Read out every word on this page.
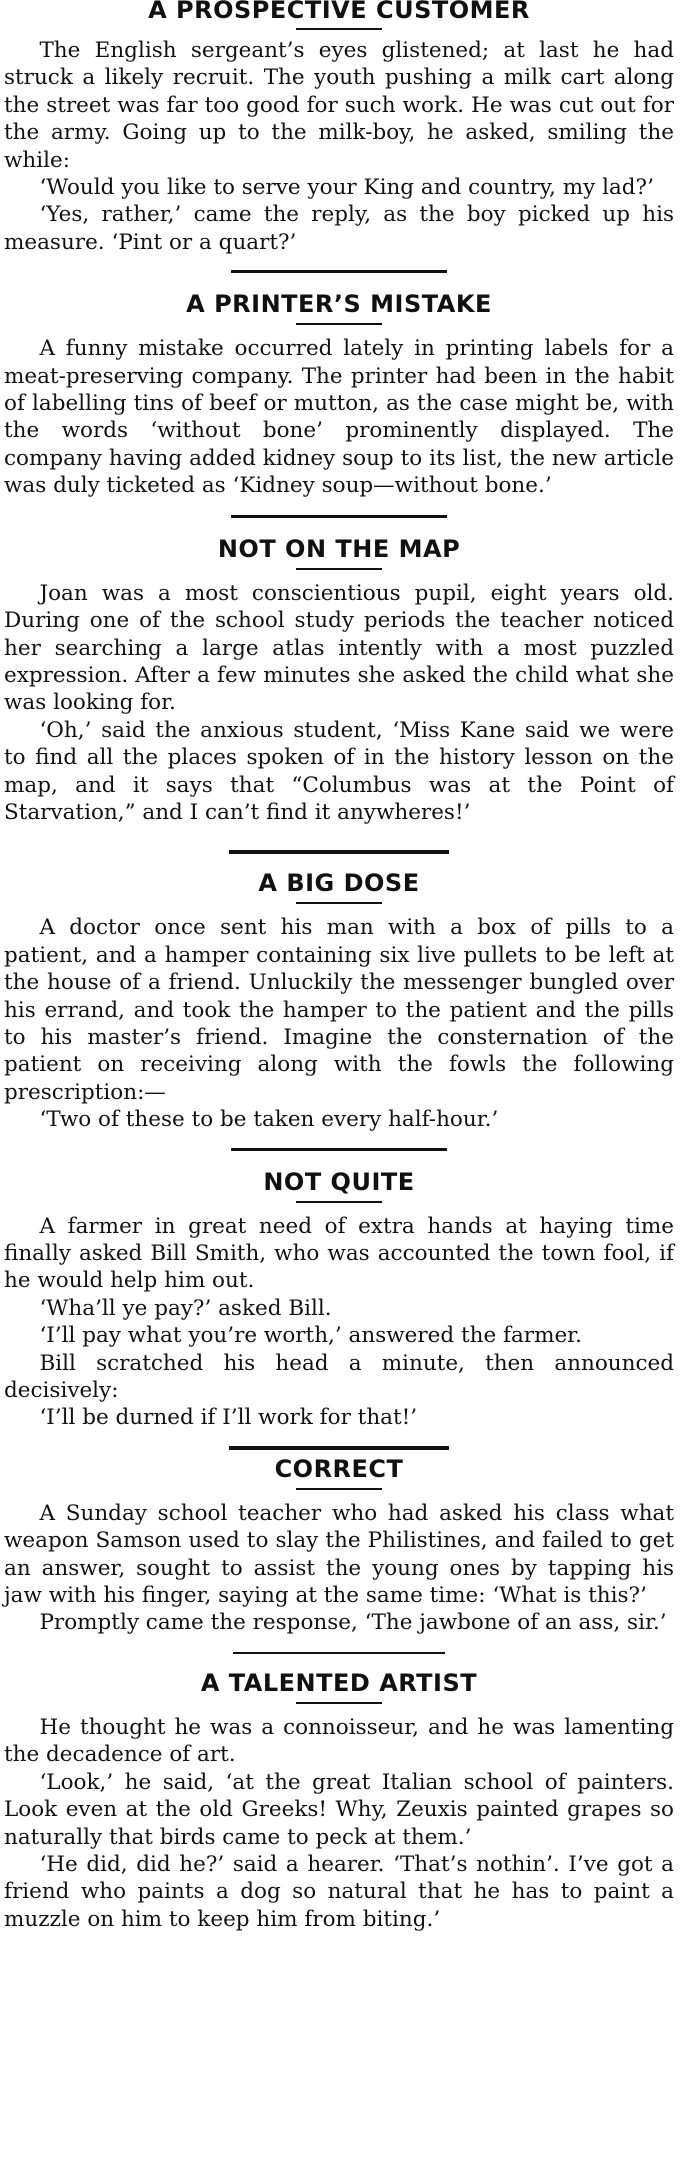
A PROSPECTIVE CUSTOMER

The English sergeant’s eyes glistened; at last he had struck a likely recruit. The youth pushing a milk cart along the street was far too good for such work. He was cut out for the army. Going up to the milk-boy, he asked, smiling the while:

‘Would you like to serve your King and country, my lad?’

‘Yes, rather,’ came the reply, as the boy picked up his measure. ‘Pint or a quart?’

A PRINTER’S MISTAKE

A funny mistake occurred lately in printing labels for a meat-preserving company. The printer had been in the habit of labelling tins of beef or mutton, as the case might be, with the words ‘without bone’ prominently displayed. The company having added kidney soup to its list, the new article was duly ticketed as ‘Kidney soup—without bone.’

NOT ON THE MAP

Joan was a most conscientious pupil, eight years old. During one of the school study periods the teacher noticed her searching a large atlas intently with a most puzzled expression. After a few minutes she asked the child what she was looking for.

‘Oh,’ said the anxious student, ‘Miss Kane said we were to find all the places spoken of in the history lesson on the map, and it says that “Columbus was at the Point of Starvation,” and I can’t find it anywheres!’

A BIG DOSE

A doctor once sent his man with a box of pills to a patient, and a hamper containing six live pullets to be left at the house of a friend. Unluckily the messenger bungled over his errand, and took the hamper to the patient and the pills to his master’s friend. Imagine the consternation of the patient on receiving along with the fowls the following prescription:—

‘Two of these to be taken every half-hour.’

NOT QUITE

A farmer in great need of extra hands at haying time finally asked Bill Smith, who was accounted the town fool, if he would help him out.

‘Wha’ll ye pay?’ asked Bill.

‘I’ll pay what you’re worth,’ answered the farmer.

Bill scratched his head a minute, then announced decisively:

‘I’ll be durned if I’ll work for that!’

CORRECT

A Sunday school teacher who had asked his class what weapon Samson used to slay the Philistines, and failed to get an answer, sought to assist the young ones by tapping his jaw with his finger, saying at the same time: ‘What is this?’

Promptly came the response, ‘The jawbone of an ass, sir.’

A TALENTED ARTIST

He thought he was a connoisseur, and he was lamenting the decadence of art.

‘Look,’ he said, ‘at the great Italian school of painters. Look even at the old Greeks! Why, Zeuxis painted grapes so naturally that birds came to peck at them.’

‘He did, did he?’ said a hearer. ‘That’s nothin’. I’ve got a friend who paints a dog so natural that he has to paint a muzzle on him to keep him from biting.’
